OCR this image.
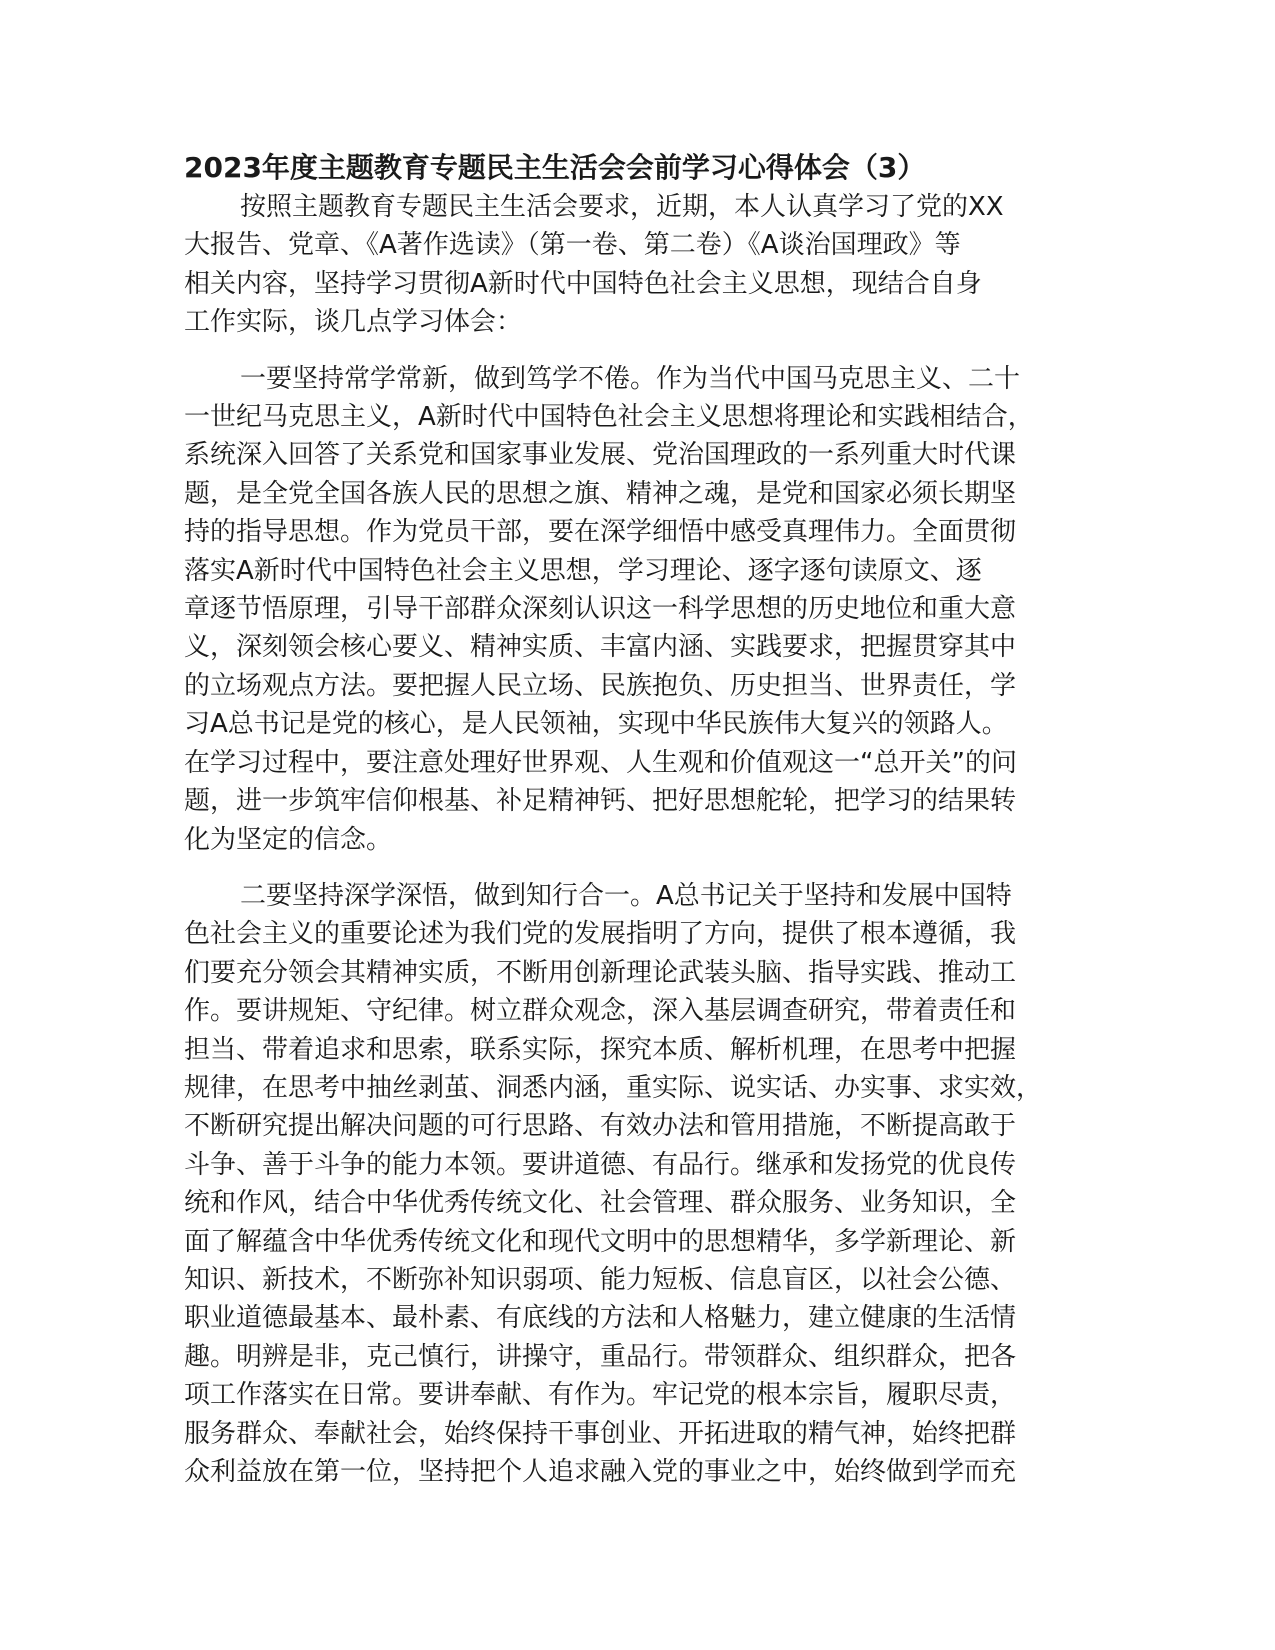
2023年度主题教育专题民主生活会会前学习心得体会（3）
按照主题教育专题民主生活会要求，近期，本人认真学习了党的XX
大报告、党章、《A著作选读》（第一卷、第二卷）《A谈治国理政》等
相关内容，坚持学习贯彻A新时代中国特色社会主义思想，现结合自身
工作实际，谈几点学习体会：
一要坚持常学常新，做到笃学不倦。作为当代中国马克思主义、二十
一世纪马克思主义，A新时代中国特色社会主义思想将理论和实践相结合，
系统深入回答了关系党和国家事业发展、党治国理政的一系列重大时代课
题，是全党全国各族人民的思想之旗、精神之魂，是党和国家必须长期坚
持的指导思想。作为党员干部，要在深学细悟中感受真理伟力。全面贯彻
落实A新时代中国特色社会主义思想，学习理论、逐字逐句读原文、逐
章逐节悟原理，引导干部群众深刻认识这一科学思想的历史地位和重大意
义，深刻领会核心要义、精神实质、丰富内涵、实践要求，把握贯穿其中
的立场观点方法。要把握人民立场、民族抱负、历史担当、世界责任，学
习A总书记是党的核心，是人民领袖，实现中华民族伟大复兴的领路人。
在学习过程中，要注意处理好世界观、人生观和价值观这一“总开关”的问
题，进一步筑牢信仰根基、补足精神钙、把好思想舵轮，把学习的结果转
化为坚定的信念。
二要坚持深学深悟，做到知行合一。A总书记关于坚持和发展中国特
色社会主义的重要论述为我们党的发展指明了方向，提供了根本遵循，我
们要充分领会其精神实质，不断用创新理论武装头脑、指导实践、推动工
作。要讲规矩、守纪律。树立群众观念，深入基层调查研究，带着责任和
担当、带着追求和思索，联系实际，探究本质、解析机理，在思考中把握
规律，在思考中抽丝剥茧、洞悉内涵，重实际、说实话、办实事、求实效，
不断研究提出解决问题的可行思路、有效办法和管用措施，不断提高敢于
斗争、善于斗争的能力本领。要讲道德、有品行。继承和发扬党的优良传
统和作风，结合中华优秀传统文化、社会管理、群众服务、业务知识，全
面了解蕴含中华优秀传统文化和现代文明中的思想精华，多学新理论、新
知识、新技术，不断弥补知识弱项、能力短板、信息盲区，以社会公德、
职业道德最基本、最朴素、有底线的方法和人格魅力，建立健康的生活情
趣。明辨是非，克己慎行，讲操守，重品行。带领群众、组织群众，把各
项工作落实在日常。要讲奉献、有作为。牢记党的根本宗旨，履职尽责，
服务群众、奉献社会，始终保持干事创业、开拓进取的精气神，始终把群
众利益放在第一位，坚持把个人追求融入党的事业之中，始终做到学而充
